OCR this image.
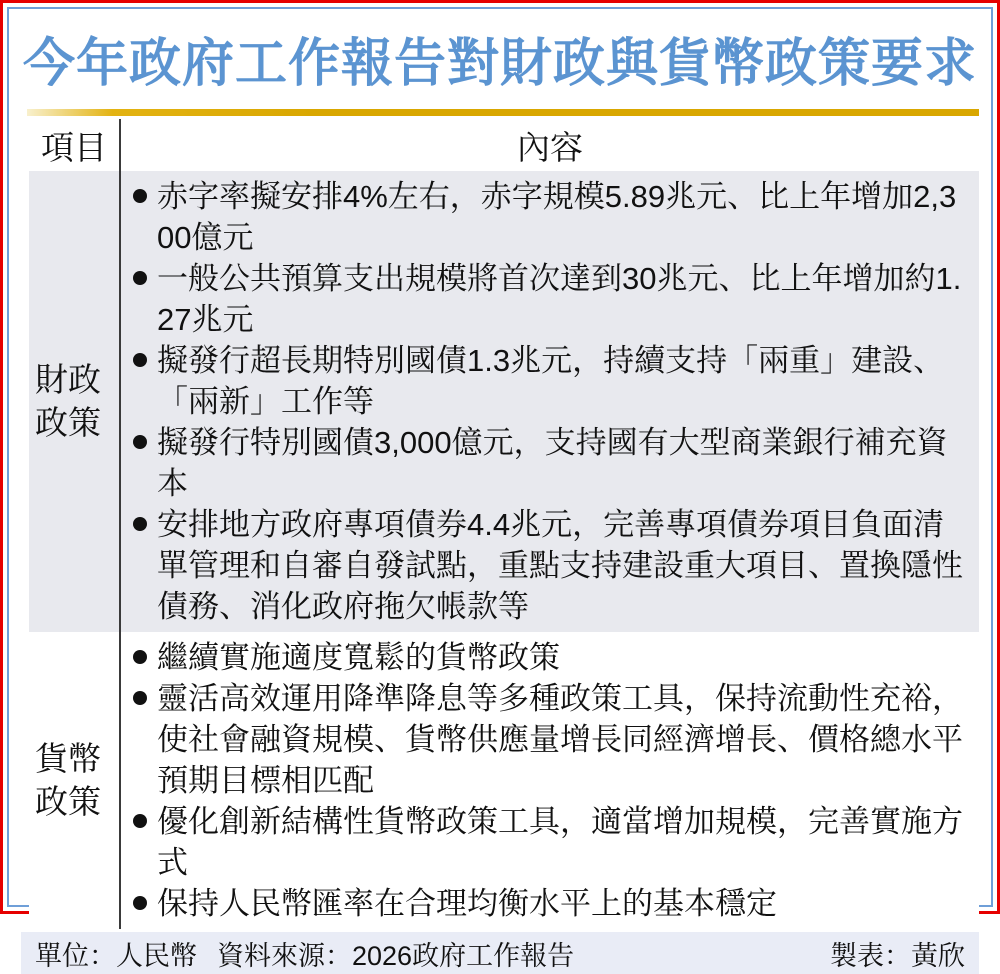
今年政府工作報告對財政與貨幣政策要求
項目	內容
財政政策
赤字率擬安排4%左右，赤字規模5.89兆元、比上年增加2,300億元
一般公共預算支出規模將首次達到30兆元、比上年增加約1.27兆元
擬發行超長期特別國債1.3兆元，持續支持「兩重」建設、「兩新」工作等
擬發行特別國債3,000億元，支持國有大型商業銀行補充資本
安排地方政府專項債券4.4兆元，完善專項債券項目負面清單管理和自審自發試點，重點支持建設重大項目、置換隱性債務、消化政府拖欠帳款等
貨幣政策
繼續實施適度寬鬆的貨幣政策
靈活高效運用降準降息等多種政策工具，保持流動性充裕，使社會融資規模、貨幣供應量增長同經濟增長、價格總水平預期目標相匹配
優化創新結構性貨幣政策工具，適當增加規模，完善實施方式
保持人民幣匯率在合理均衡水平上的基本穩定
單位：人民幣 資料來源：2026政府工作報告	製表：黃欣
